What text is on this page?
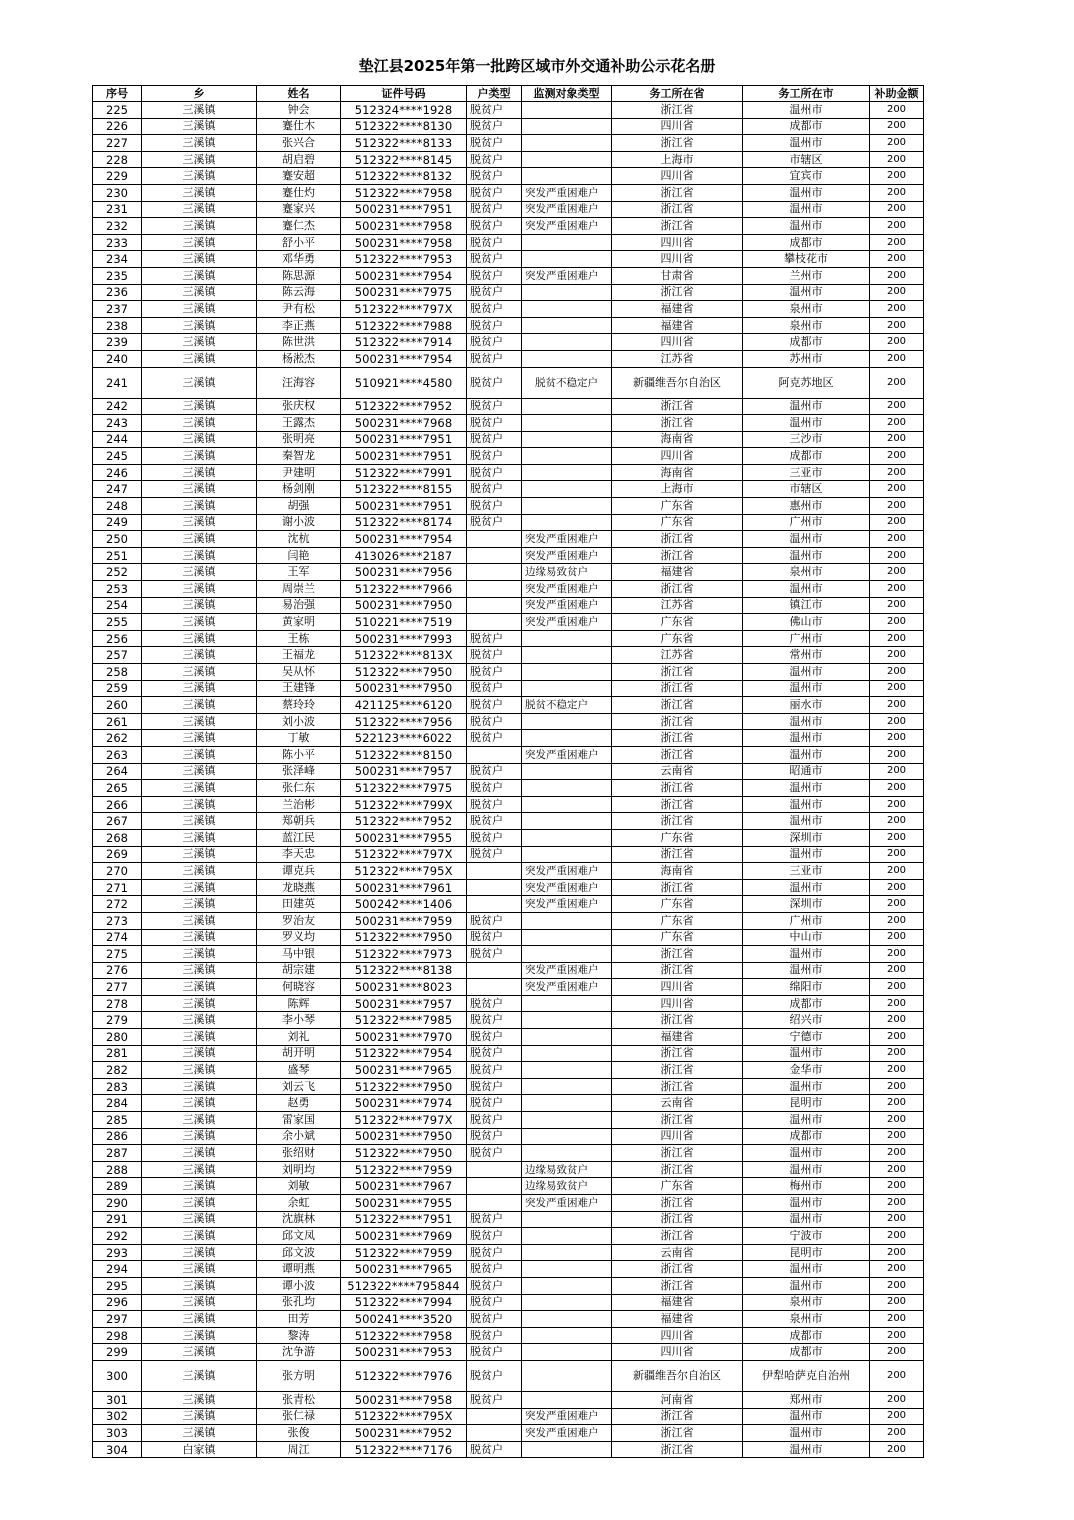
垫江县2025年第一批跨区域市外交通补助公示花名册
序号	乡	姓名	证件号码	户类型	监测对象类型	务工所在省	务工所在市	补助金额
225	三溪镇	钟会	512324****1928	脱贫户		浙江省	温州市	200
226	三溪镇	蹇仕木	512322****8130	脱贫户		四川省	成都市	200
227	三溪镇	张兴合	512322****8133	脱贫户		浙江省	温州市	200
228	三溪镇	胡启碧	512322****8145	脱贫户		上海市	市辖区	200
229	三溪镇	蹇安超	512322****8132	脱贫户		四川省	宜宾市	200
230	三溪镇	蹇仕灼	512322****7958	脱贫户	突发严重困难户	浙江省	温州市	200
231	三溪镇	蹇家兴	500231****7951	脱贫户	突发严重困难户	浙江省	温州市	200
232	三溪镇	蹇仁杰	500231****7958	脱贫户	突发严重困难户	浙江省	温州市	200
233	三溪镇	舒小平	500231****7958	脱贫户		四川省	成都市	200
234	三溪镇	邓华勇	512322****7953	脱贫户		四川省	攀枝花市	200
235	三溪镇	陈思源	500231****7954	脱贫户	突发严重困难户	甘肃省	兰州市	200
236	三溪镇	陈云海	500231****7975	脱贫户		浙江省	温州市	200
237	三溪镇	尹有松	512322****797X	脱贫户		福建省	泉州市	200
238	三溪镇	李正燕	512322****7988	脱贫户		福建省	泉州市	200
239	三溪镇	陈世洪	512322****7914	脱贫户		四川省	成都市	200
240	三溪镇	杨淞杰	500231****7954	脱贫户		江苏省	苏州市	200
241	三溪镇	汪海容	510921****4580	脱贫户	脱贫不稳定户	新疆维吾尔自治区	阿克苏地区	200
242	三溪镇	张庆权	512322****7952	脱贫户		浙江省	温州市	200
243	三溪镇	王露杰	500231****7968	脱贫户		浙江省	温州市	200
244	三溪镇	张明亮	500231****7951	脱贫户		海南省	三沙市	200
245	三溪镇	秦智龙	500231****7951	脱贫户		四川省	成都市	200
246	三溪镇	尹建明	512322****7991	脱贫户		海南省	三亚市	200
247	三溪镇	杨剑刚	512322****8155	脱贫户		上海市	市辖区	200
248	三溪镇	胡强	500231****7951	脱贫户		广东省	惠州市	200
249	三溪镇	谢小波	512322****8174	脱贫户		广东省	广州市	200
250	三溪镇	沈杭	500231****7954		突发严重困难户	浙江省	温州市	200
251	三溪镇	闫艳	413026****2187		突发严重困难户	浙江省	温州市	200
252	三溪镇	王军	500231****7956		边缘易致贫户	福建省	泉州市	200
253	三溪镇	周崇兰	512322****7966		突发严重困难户	浙江省	温州市	200
254	三溪镇	易治强	500231****7950		突发严重困难户	江苏省	镇江市	200
255	三溪镇	黄家明	510221****7519		突发严重困难户	广东省	佛山市	200
256	三溪镇	王栋	500231****7993	脱贫户		广东省	广州市	200
257	三溪镇	王福龙	512322****813X	脱贫户		江苏省	常州市	200
258	三溪镇	吴从怀	512322****7950	脱贫户		浙江省	温州市	200
259	三溪镇	王建锋	500231****7950	脱贫户		浙江省	温州市	200
260	三溪镇	蔡玲玲	421125****6120	脱贫户	脱贫不稳定户	浙江省	丽水市	200
261	三溪镇	刘小波	512322****7956	脱贫户		浙江省	温州市	200
262	三溪镇	丁敏	522123****6022	脱贫户		浙江省	温州市	200
263	三溪镇	陈小平	512322****8150		突发严重困难户	浙江省	温州市	200
264	三溪镇	张泽峰	500231****7957	脱贫户		云南省	昭通市	200
265	三溪镇	张仁东	512322****7975	脱贫户		浙江省	温州市	200
266	三溪镇	兰治彬	512322****799X	脱贫户		浙江省	温州市	200
267	三溪镇	郑朝兵	512322****7952	脱贫户		浙江省	温州市	200
268	三溪镇	蓝江民	500231****7955	脱贫户		广东省	深圳市	200
269	三溪镇	李天忠	512322****797X	脱贫户		浙江省	温州市	200
270	三溪镇	谭克兵	512322****795X		突发严重困难户	海南省	三亚市	200
271	三溪镇	龙晓燕	500231****7961		突发严重困难户	浙江省	温州市	200
272	三溪镇	田建英	500242****1406		突发严重困难户	广东省	深圳市	200
273	三溪镇	罗治友	500231****7959	脱贫户		广东省	广州市	200
274	三溪镇	罗义均	512322****7950	脱贫户		广东省	中山市	200
275	三溪镇	马中银	512322****7973	脱贫户		浙江省	温州市	200
276	三溪镇	胡宗建	512322****8138		突发严重困难户	浙江省	温州市	200
277	三溪镇	何晓容	500231****8023		突发严重困难户	四川省	绵阳市	200
278	三溪镇	陈辉	500231****7957	脱贫户		四川省	成都市	200
279	三溪镇	李小琴	512322****7985	脱贫户		浙江省	绍兴市	200
280	三溪镇	刘礼	500231****7970	脱贫户		福建省	宁德市	200
281	三溪镇	胡开明	512322****7954	脱贫户		浙江省	温州市	200
282	三溪镇	盛琴	500231****7965	脱贫户		浙江省	金华市	200
283	三溪镇	刘云飞	512322****7950	脱贫户		浙江省	温州市	200
284	三溪镇	赵勇	500231****7974	脱贫户		云南省	昆明市	200
285	三溪镇	雷家国	512322****797X	脱贫户		浙江省	温州市	200
286	三溪镇	余小斌	500231****7950	脱贫户		四川省	成都市	200
287	三溪镇	张绍财	512322****7950	脱贫户		浙江省	温州市	200
288	三溪镇	刘明均	512322****7959		边缘易致贫户	浙江省	温州市	200
289	三溪镇	刘敏	500231****7967		边缘易致贫户	广东省	梅州市	200
290	三溪镇	余虹	500231****7955		突发严重困难户	浙江省	温州市	200
291	三溪镇	沈旗林	512322****7951	脱贫户		浙江省	温州市	200
292	三溪镇	邱文凤	500231****7969	脱贫户		浙江省	宁波市	200
293	三溪镇	邱文波	512322****7959	脱贫户		云南省	昆明市	200
294	三溪镇	谭明燕	500231****7965	脱贫户		浙江省	温州市	200
295	三溪镇	谭小波	512322****795844	脱贫户		浙江省	温州市	200
296	三溪镇	张孔均	512322****7994	脱贫户		福建省	泉州市	200
297	三溪镇	田芳	500241****3520	脱贫户		福建省	泉州市	200
298	三溪镇	黎涛	512322****7958	脱贫户		四川省	成都市	200
299	三溪镇	沈争游	500231****7953	脱贫户		四川省	成都市	200
300	三溪镇	张方明	512322****7976	脱贫户		新疆维吾尔自治区	伊犁哈萨克自治州	200
301	三溪镇	张青松	500231****7958	脱贫户		河南省	郑州市	200
302	三溪镇	张仁禄	512322****795X		突发严重困难户	浙江省	温州市	200
303	三溪镇	张俊	500231****7952		突发严重困难户	浙江省	温州市	200
304	白家镇	周江	512322****7176	脱贫户		浙江省	温州市	200
